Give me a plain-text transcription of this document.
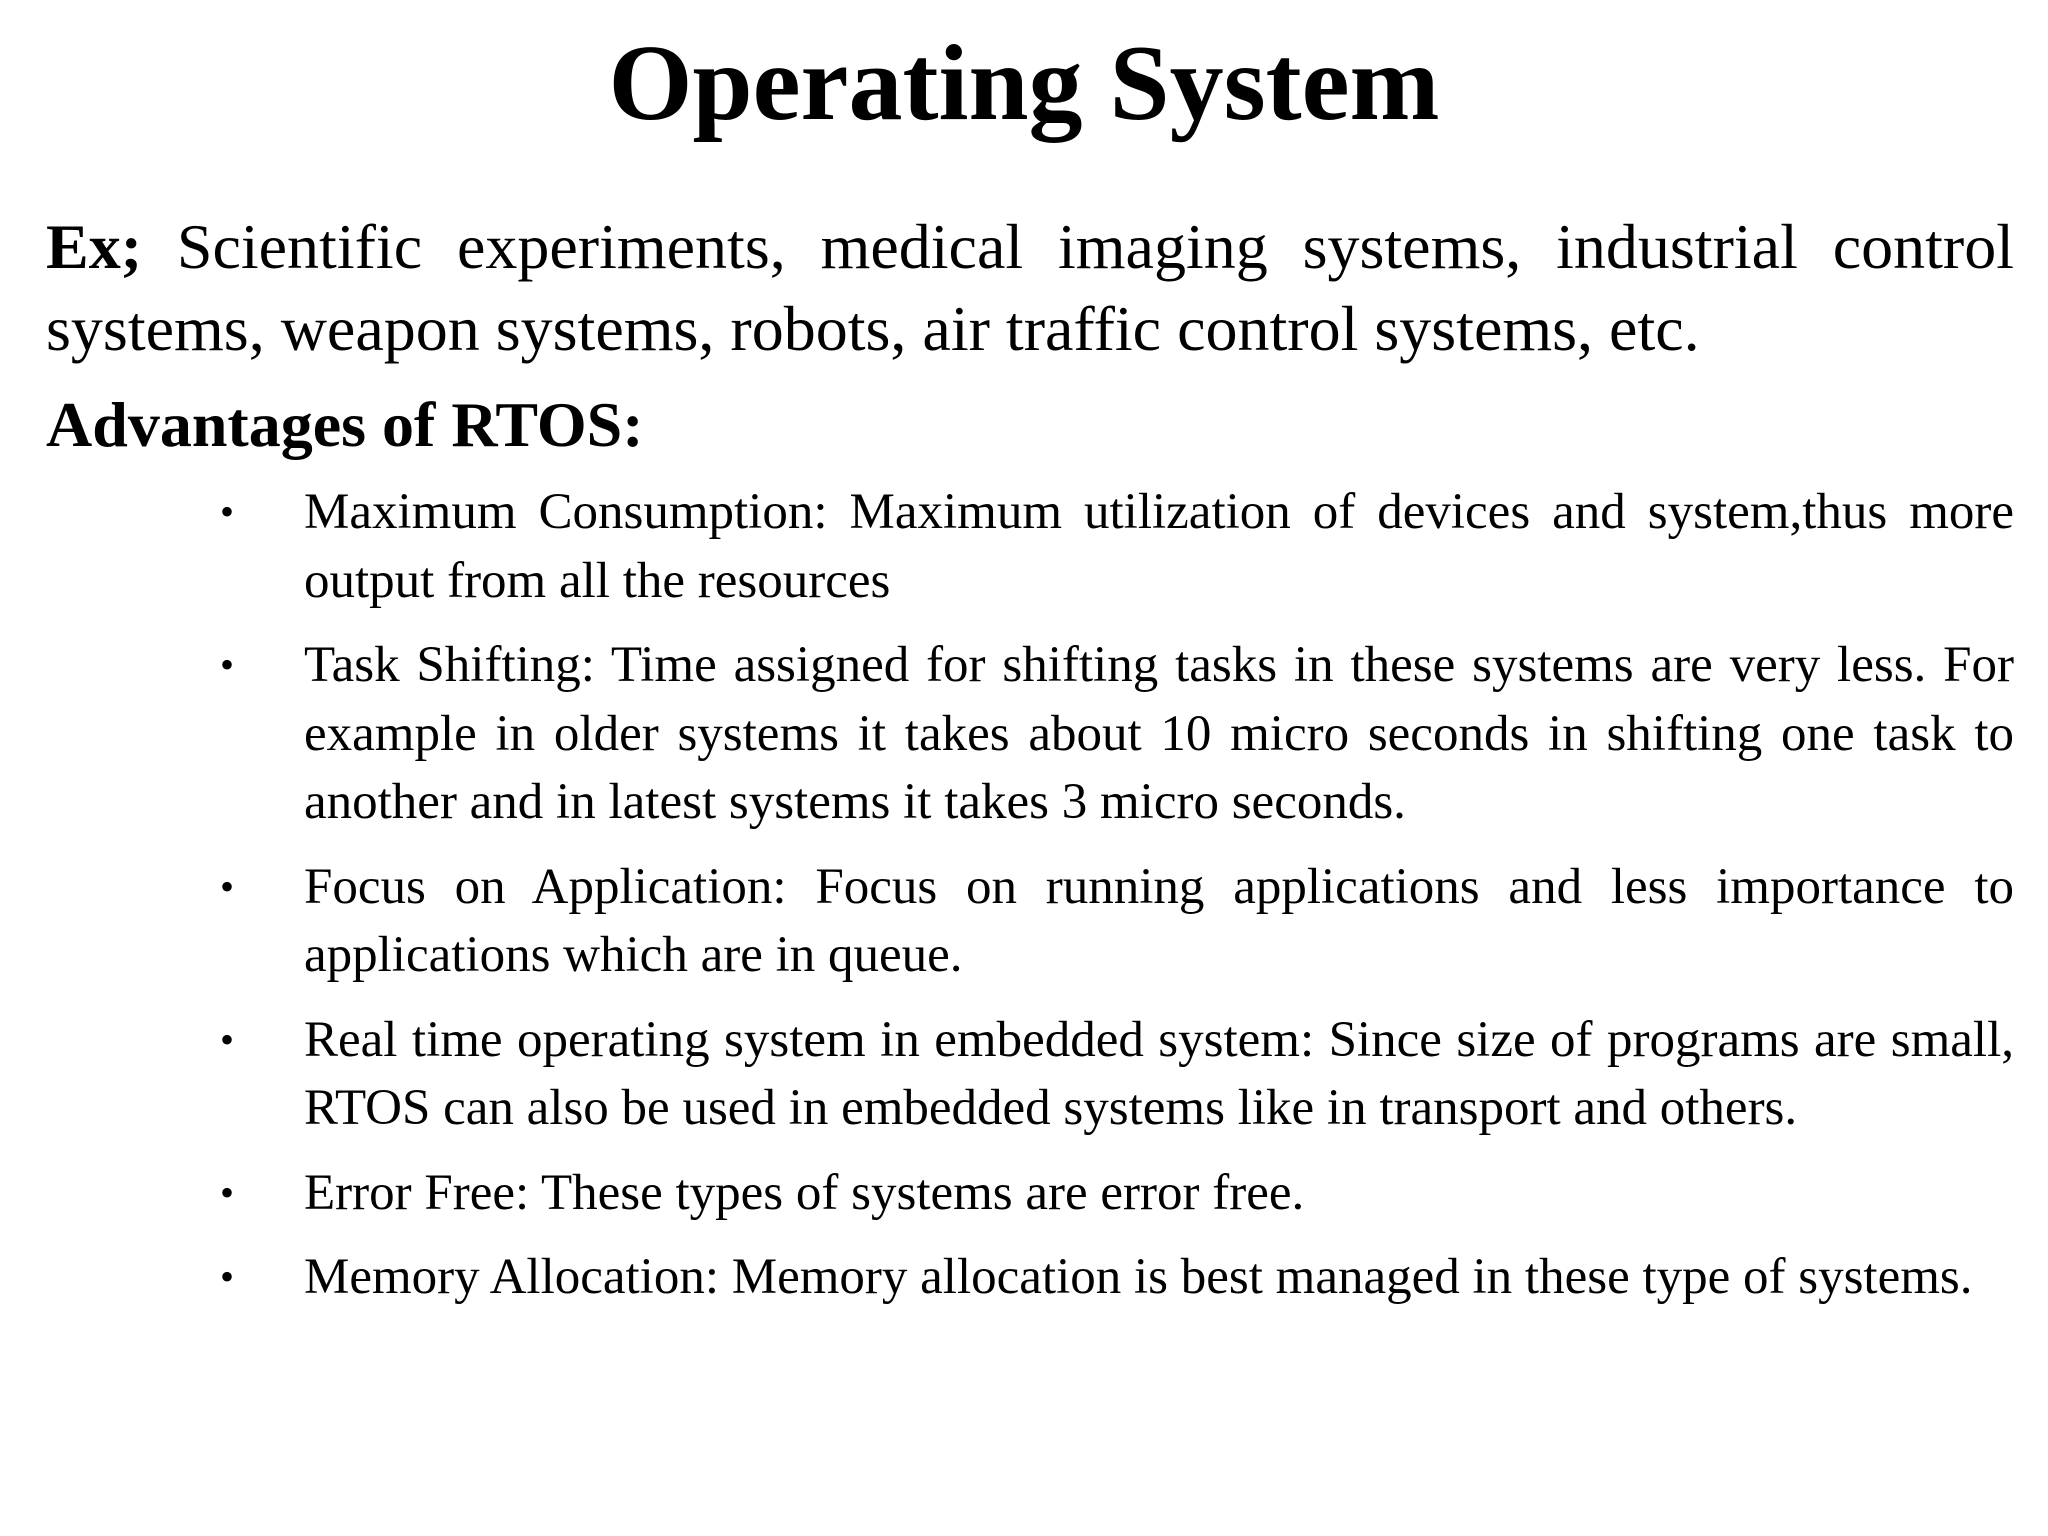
Operating System

Ex; Scientific experiments, medical imaging systems, industrial control systems, weapon systems, robots, air traffic control systems, etc.

Advantages of RTOS:
•	Maximum Consumption: Maximum utilization of devices and system,thus more output from all the resources
•	Task Shifting: Time assigned for shifting tasks in these systems are very less. For example in older systems it takes about 10 micro seconds in shifting one task to another and in latest systems it takes 3 micro seconds.
•	Focus on Application: Focus on running applications and less importance to applications which are in queue.
•	Real time operating system in embedded system: Since size of programs are small, RTOS can also be used in embedded systems like in transport and others.
•	Error Free: These types of systems are error free.
•	Memory Allocation: Memory allocation is best managed in these type of systems.
